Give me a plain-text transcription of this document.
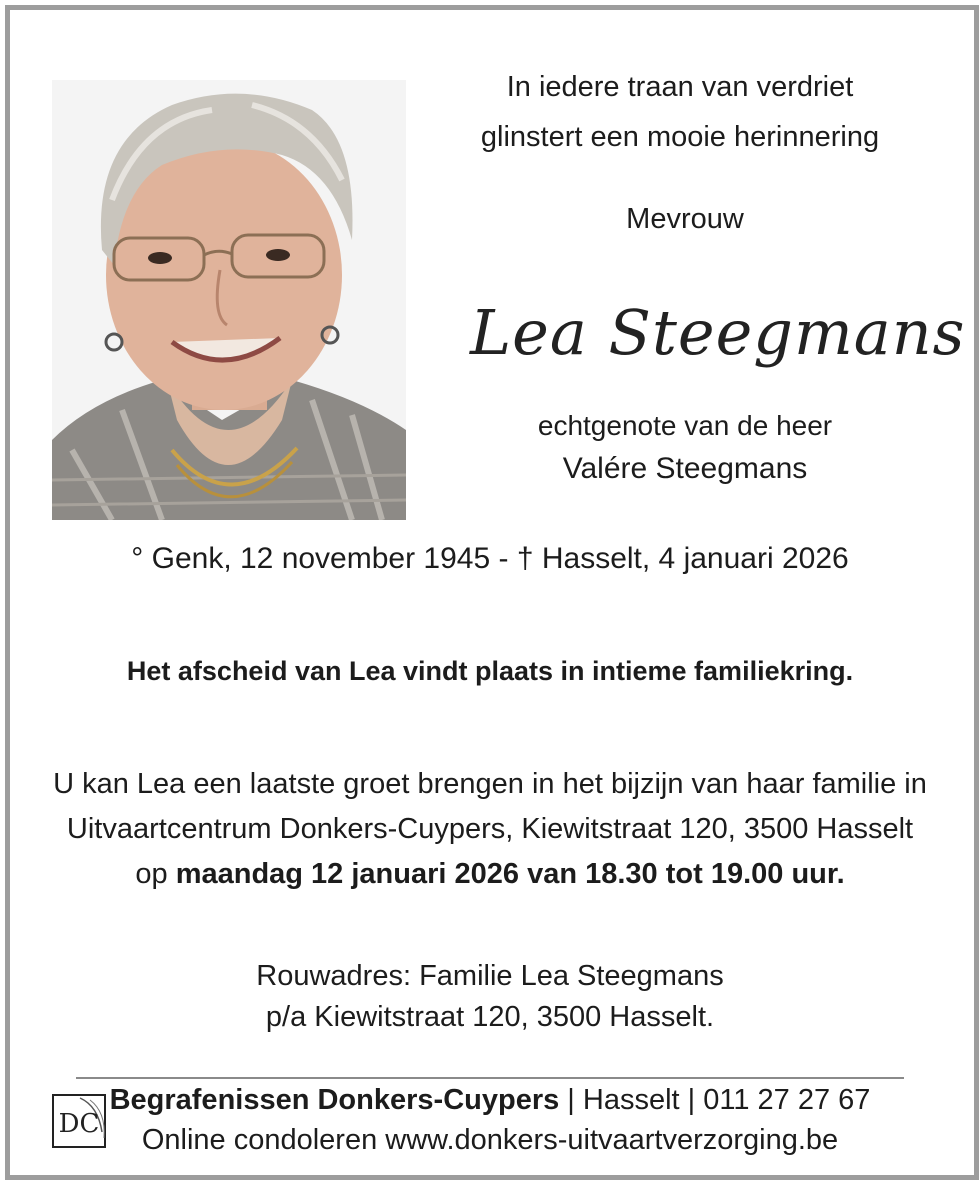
In iedere traan van verdriet
glinstert een mooie herinnering
Mevrouw
Lea Steegmans
echtgenote van de heer
Valére Steegmans
° Genk, 12 november 1945 - † Hasselt, 4 januari 2026
Het afscheid van Lea vindt plaats in intieme familiekring.
U kan Lea een laatste groet brengen in het bijzijn van haar familie in
Uitvaartcentrum Donkers-Cuypers, Kiewitstraat 120, 3500 Hasselt
op maandag 12 januari 2026 van 18.30 tot 19.00 uur.
Rouwadres: Familie Lea Steegmans
p/a Kiewitstraat 120, 3500 Hasselt.
DC
Begrafenissen Donkers-Cuypers | Hasselt | 011 27 27 67
Online condoleren www.donkers-uitvaartverzorging.be
